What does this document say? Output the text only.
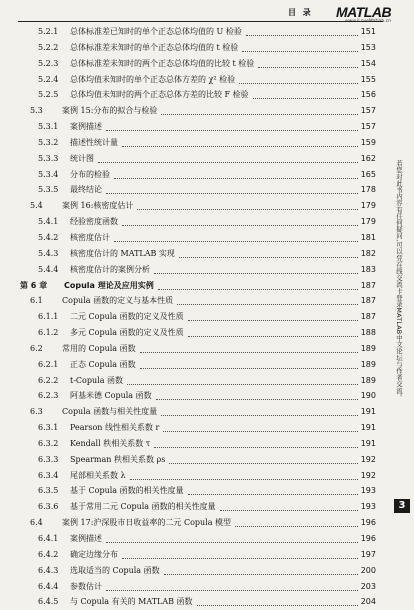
目 录 MATLAB
www.iLoveMatlab.cn
5.2.1 总体标准差已知时的单个正态总体均值的 U 检验	151
5.2.2 总体标准差未知时的单个正态总体均值的 t 检验	153
5.2.3 总体标准差未知时的两个正态总体均值的比较 t 检验	154
5.2.4 总体均值未知时的单个正态总体方差的 χ² 检验	155
5.2.5 总体均值未知时的两个正态总体方差的比较 F 检验	156
5.3 案例 15:分布的拟合与检验	157
5.3.1 案例描述	157
5.3.2 描述性统计量	159
5.3.3 统计图	162
5.3.4 分布的检验	165
5.3.5 最终结论	178
5.4 案例 16:核密度估计	179
5.4.1 经验密度函数	179
5.4.2 核密度估计	181
5.4.3 核密度估计的 MATLAB 实现	182
5.4.4 核密度估计的案例分析	183
第 6 章 Copula 理论及应用实例	187
6.1 Copula 函数的定义与基本性质	187
6.1.1 二元 Copula 函数的定义及性质	187
6.1.2 多元 Copula 函数的定义及性质	188
6.2 常用的 Copula 函数	189
6.2.1 正态 Copula 函数	189
6.2.2 t-Copula 函数	189
6.2.3 阿基米德 Copula 函数	190
6.3 Copula 函数与相关性度量	191
6.3.1 Pearson 线性相关系数 r	191
6.3.2 Kendall 秩相关系数 τ	191
6.3.3 Spearman 秩相关系数 ρs	192
6.3.4 尾部相关系数 λ	192
6.3.5 基于 Copula 函数的相关性度量	193
6.3.6 基于常用二元 Copula 函数的相关性度量	193
6.4 案例 17:沪深股市日收益率的二元 Copula 模型	196
6.4.1 案例描述	196
6.4.2 确定边缘分布	197
6.4.3 选取适当的 Copula 函数	200
6.4.4 参数估计	203
6.4.5 与 Copula 有关的 MATLAB 函数	204
若您对此书内容有任何疑问,可以凭在线交流卡登录MATLAB中文论坛与作者交流。
3
